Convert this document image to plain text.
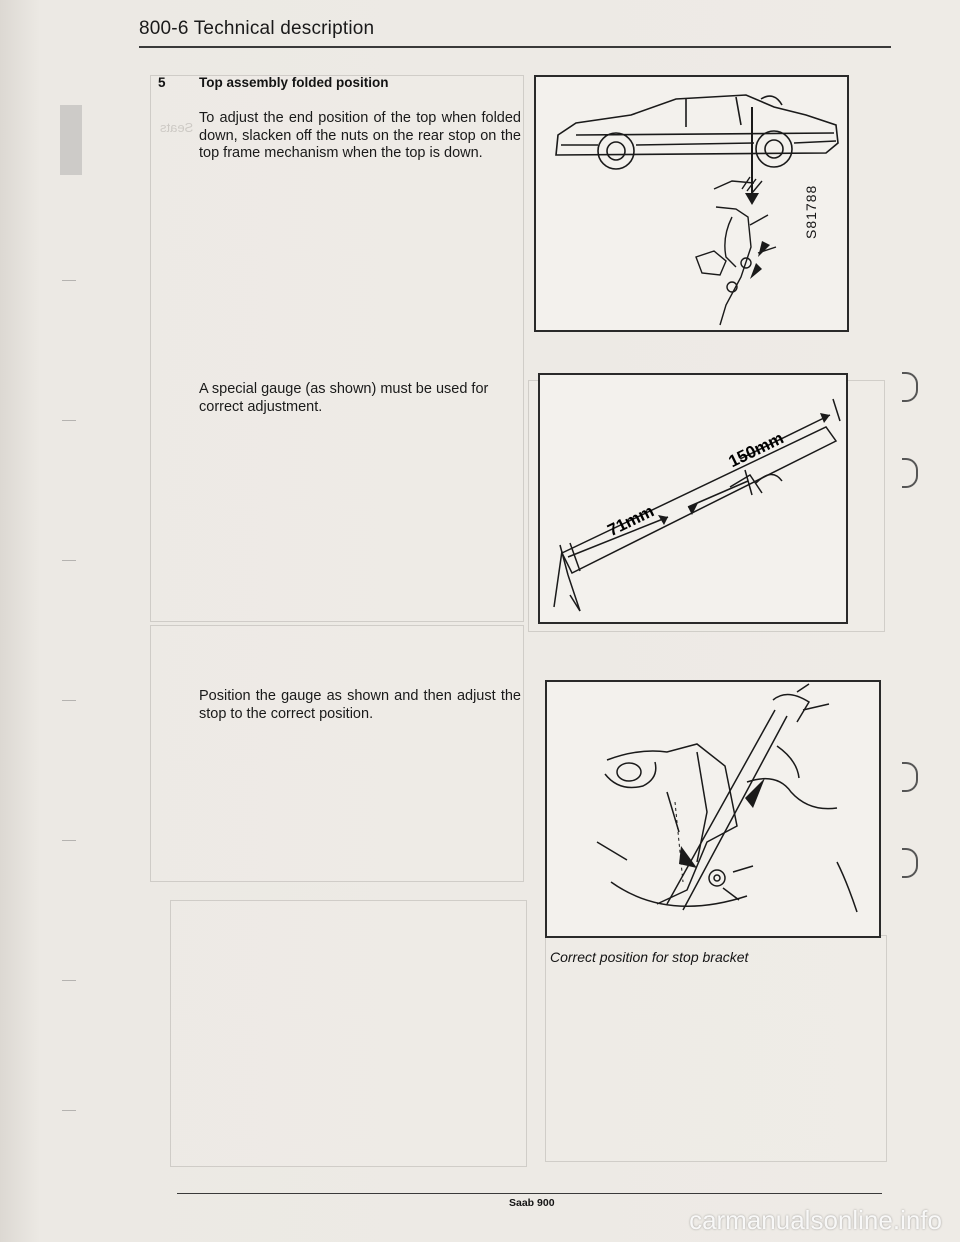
800-6 Technical description
5 Top assembly folded position
To adjust the end position of the top when folded down, slacken off the nuts on the rear stop on the top frame mechanism when the top is down.
A special gauge (as shown) must be used for correct adjustment.
Position the gauge as shown and then adjust the stop to the correct position.
S81788
150mm
71mm
Correct position for stop bracket
Seats
Saab 900
carmanualsonline.info
